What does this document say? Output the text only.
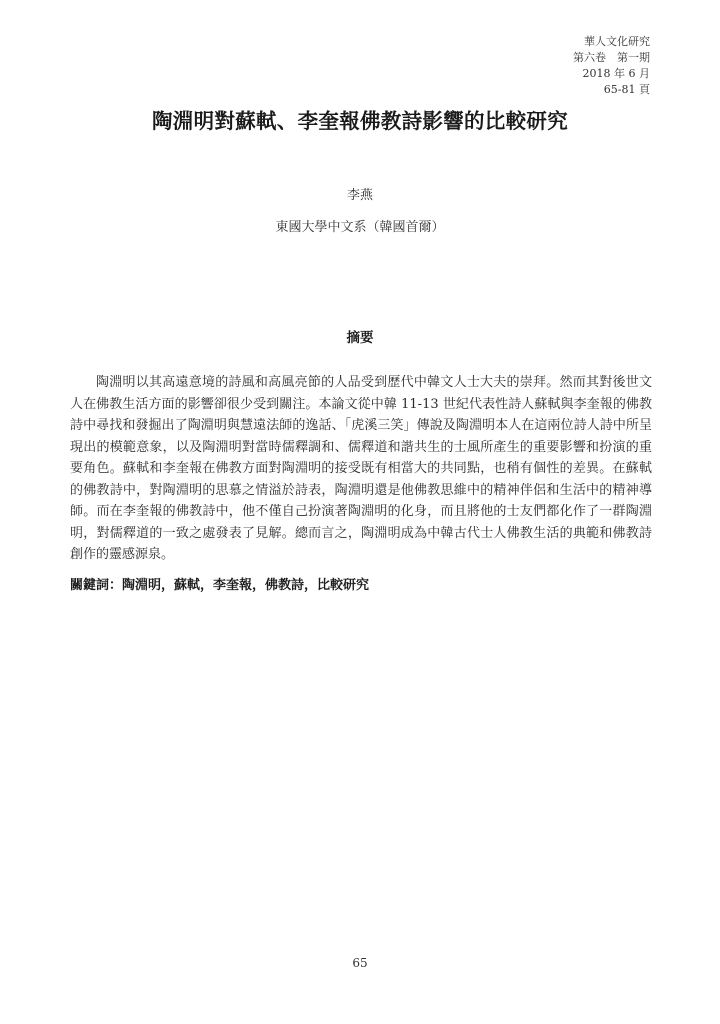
華人文化研究
第六卷　第一期
2018 年 6 月
65-81 頁
陶淵明對蘇軾、李奎報佛教詩影響的比較研究
李燕
東國大學中文系（韓國首爾）
摘要

陶淵明以其高遠意境的詩風和高風亮節的人品受到歷代中韓文人士大夫的崇拜。然而其對後世文人在佛教生活方面的影響卻很少受到關注。本論文從中韓 11-13 世紀代表性詩人蘇軾與李奎報的佛教詩中尋找和發掘出了陶淵明與慧遠法師的逸話、「虎溪三笑」傳說及陶淵明本人在這兩位詩人詩中所呈現出的模範意象，以及陶淵明對當時儒釋調和、儒釋道和諧共生的士風所產生的重要影響和扮演的重要角色。蘇軾和李奎報在佛教方面對陶淵明的接受既有相當大的共同點，也稍有個性的差異。在蘇軾的佛教詩中，對陶淵明的思慕之情溢於詩表，陶淵明還是他佛教思維中的精神伴侶和生活中的精神導師。而在李奎報的佛教詩中，他不僅自己扮演著陶淵明的化身，而且將他的士友們都化作了一群陶淵明，對儒釋道的一致之處發表了見解。總而言之，陶淵明成為中韓古代士人佛教生活的典範和佛教詩創作的靈感源泉。

關鍵詞：陶淵明，蘇軾，李奎報，佛教詩，比較研究
65
